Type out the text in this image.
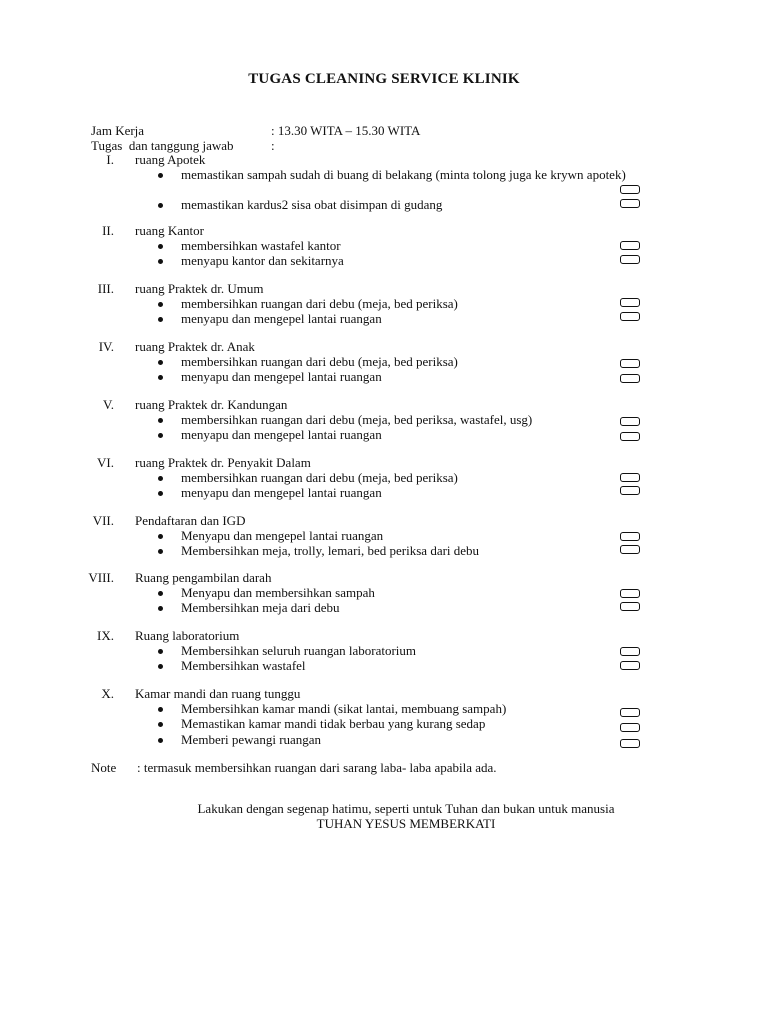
TUGAS CLEANING SERVICE KLINIK
Jam Kerja	: 13.30 WITA – 15.30 WITA
Tugas  dan tanggung jawab	:
I. ruang Apotek
memastikan sampah sudah di buang di belakang (minta tolong juga ke krywn apotek)
memastikan kardus2 sisa obat disimpan di gudang
II. ruang Kantor
membersihkan wastafel kantor
menyapu kantor dan sekitarnya
III. ruang Praktek dr. Umum
membersihkan ruangan dari debu (meja, bed periksa)
menyapu dan mengepel lantai ruangan
IV. ruang Praktek dr. Anak
membersihkan ruangan dari debu (meja, bed periksa)
menyapu dan mengepel lantai ruangan
V. ruang Praktek dr. Kandungan
membersihkan ruangan dari debu (meja, bed periksa, wastafel, usg)
menyapu dan mengepel lantai ruangan
VI. ruang Praktek dr. Penyakit Dalam
membersihkan ruangan dari debu (meja, bed periksa)
menyapu dan mengepel lantai ruangan
VII. Pendaftaran dan IGD
Menyapu dan mengepel lantai ruangan
Membersihkan meja, trolly, lemari, bed periksa dari debu
VIII. Ruang pengambilan darah
Menyapu dan membersihkan sampah
Membersihkan meja dari debu
IX. Ruang laboratorium
Membersihkan seluruh ruangan laboratorium
Membersihkan wastafel
X. Kamar mandi dan ruang tunggu
Membersihkan kamar mandi (sikat lantai, membuang sampah)
Memastikan kamar mandi tidak berbau yang kurang sedap
Memberi pewangi ruangan
Note : termasuk membersihkan ruangan dari sarang laba- laba apabila ada.
Lakukan dengan segenap hatimu, seperti untuk Tuhan dan bukan untuk manusia
TUHAN YESUS MEMBERKATI
